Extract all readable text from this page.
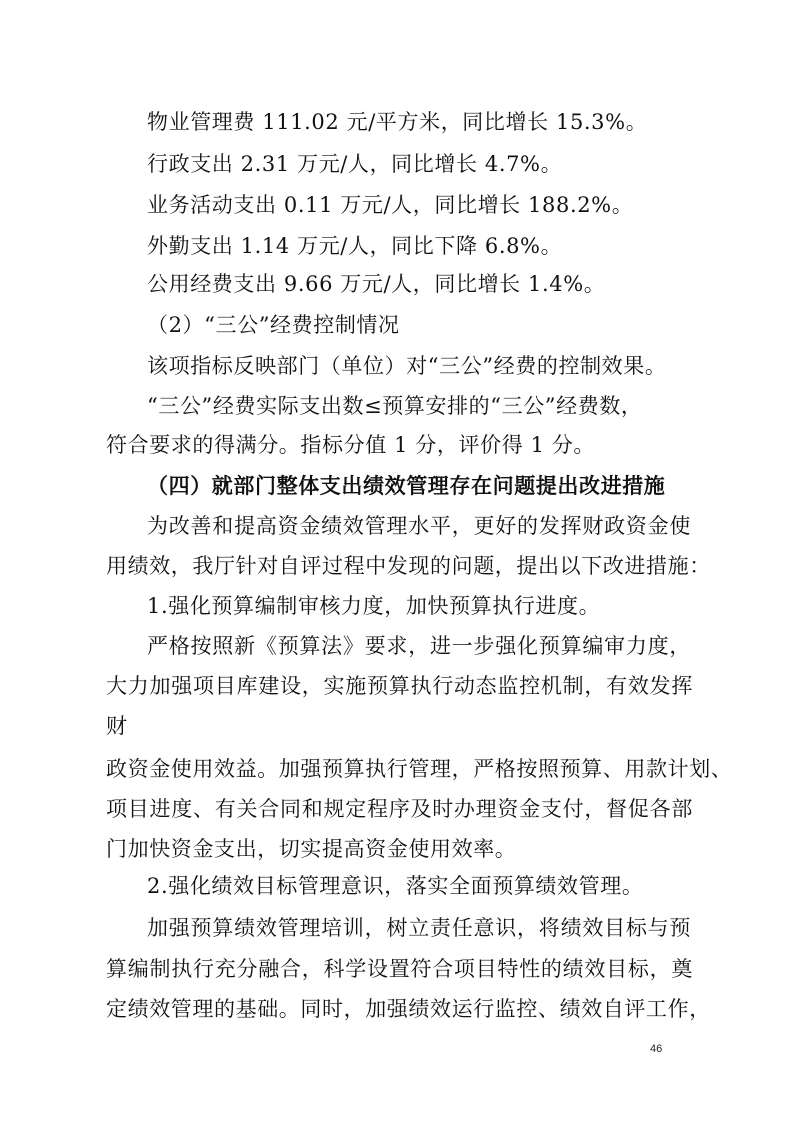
物业管理费 111.02 元/平方米，同比增长 15.3%。
行政支出 2.31 万元/人，同比增长 4.7%。
业务活动支出 0.11 万元/人，同比增长 188.2%。
外勤支出 1.14 万元/人，同比下降 6.8%。
公用经费支出 9.66 万元/人，同比增长 1.4%。
（2）“三公”经费控制情况
该项指标反映部门（单位）对“三公”经费的控制效果。
“三公”经费实际支出数≤预算安排的“三公”经费数，
符合要求的得满分。指标分值 1 分，评价得 1 分。
（四）就部门整体支出绩效管理存在问题提出改进措施
为改善和提高资金绩效管理水平，更好的发挥财政资金使
用绩效，我厅针对自评过程中发现的问题，提出以下改进措施：
1.强化预算编制审核力度，加快预算执行进度。
严格按照新《预算法》要求，进一步强化预算编审力度，
大力加强项目库建设，实施预算执行动态监控机制，有效发挥
财
政资金使用效益。加强预算执行管理，严格按照预算、用款计划、
项目进度、有关合同和规定程序及时办理资金支付，督促各部
门加快资金支出，切实提高资金使用效率。
2.强化绩效目标管理意识，落实全面预算绩效管理。
加强预算绩效管理培训，树立责任意识，将绩效目标与预
算编制执行充分融合，科学设置符合项目特性的绩效目标，奠
定绩效管理的基础。同时，加强绩效运行监控、绩效自评工作，
46
